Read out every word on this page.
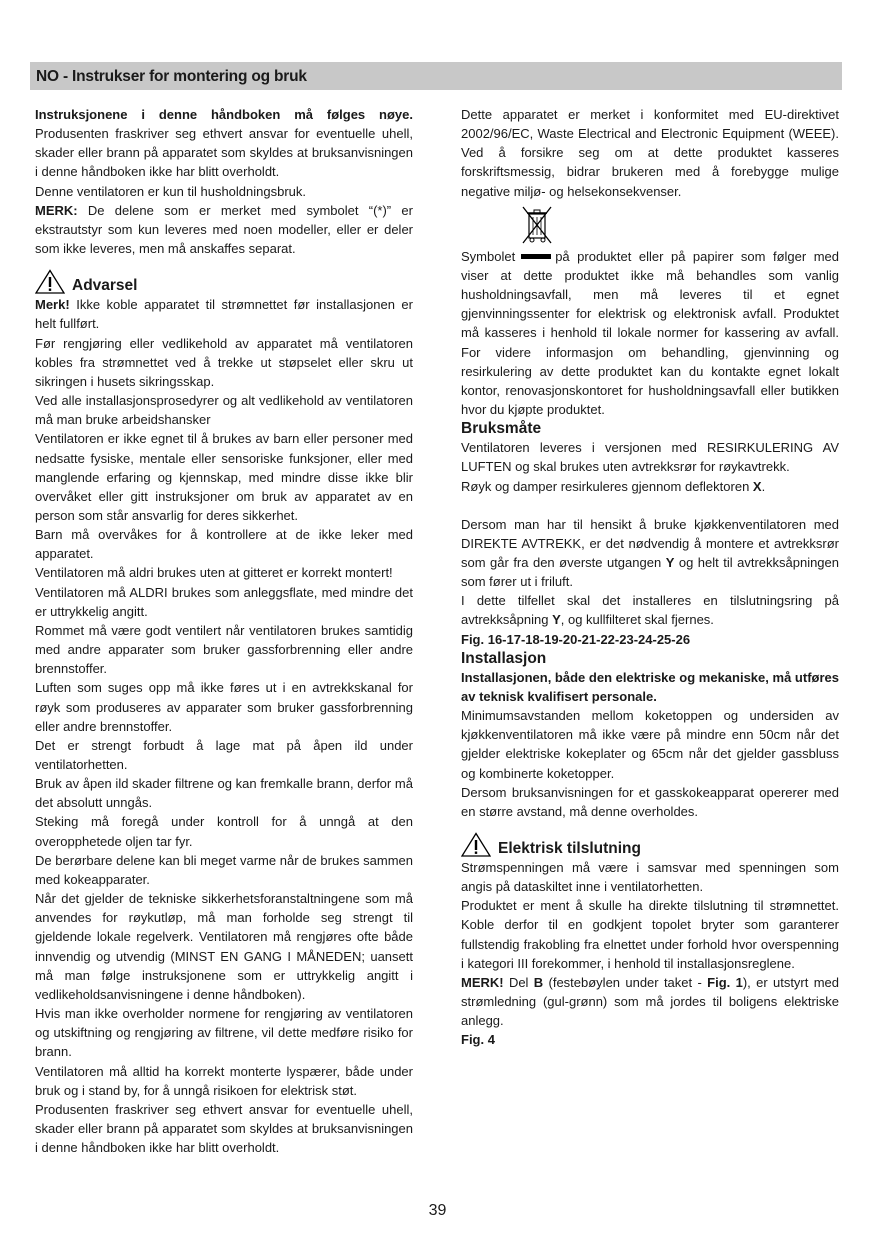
NO - Instrukser for montering og bruk

Instruksjonene i denne håndboken må følges nøye. Produsenten fraskriver seg ethvert ansvar for eventuelle uhell, skader eller brann på apparatet som skyldes at bruksanvisningen i denne håndboken ikke har blitt overholdt.

Denne ventilatoren er kun til husholdningsbruk.

MERK: De delene som er merket med symbolet “(*)” er ekstrautstyr som kun leveres med noen modeller, eller er deler som ikke leveres, men må anskaffes separat.

Advarsel

Merk! Ikke koble apparatet til strømnettet før installasjonen er helt fullført.

Før rengjøring eller vedlikehold av apparatet må ventilatoren kobles fra strømnettet ved å trekke ut støpselet eller skru ut sikringen i husets sikringsskap.

Ved alle installasjonsprosedyrer og alt vedlikehold av ventilatoren må man bruke arbeidshansker

Ventilatoren er ikke egnet til å brukes av barn eller personer med nedsatte fysiske, mentale eller sensoriske funksjoner, eller med manglende erfaring og kjennskap, med mindre disse ikke blir overvåket eller gitt instruksjoner om bruk av apparatet av en person som står ansvarlig for deres sikkerhet.

Barn må overvåkes for å kontrollere at de ikke leker med apparatet.

Ventilatoren må aldri brukes uten at gitteret er korrekt montert!

Ventilatoren må ALDRI brukes som anleggsflate, med mindre det er uttrykkelig angitt.

Rommet må være godt ventilert når ventilatoren brukes samtidig med andre apparater som bruker gassforbrenning eller andre brennstoffer.

Luften som suges opp må ikke føres ut i en avtrekkskanal for røyk som produseres av apparater som bruker gassforbrenning eller andre brennstoffer.

Det er strengt forbudt å lage mat på åpen ild under ventilatorhetten.

Bruk av åpen ild skader filtrene og kan fremkalle brann, derfor må det absolutt unngås.

Steking må foregå under kontroll for å unngå at den overopphetede oljen tar fyr.

De berørbare delene kan bli meget varme når de brukes sammen med kokeapparater.

Når det gjelder de tekniske sikkerhetsforanstaltningene som må anvendes for røykutløp, må man forholde seg strengt til gjeldende lokale regelverk. Ventilatoren må rengjøres ofte både innvendig og utvendig (MINST EN GANG I MÅNEDEN; uansett må man følge instruksjonene som er uttrykkelig angitt i vedlikeholdsanvisningene i denne håndboken).

Hvis man ikke overholder normene for rengjøring av ventilatoren og utskiftning og rengjøring av filtrene, vil dette medføre risiko for brann.

Ventilatoren må alltid ha korrekt monterte lyspærer, både under bruk og i stand by, for å unngå risikoen for elektrisk støt.

Produsenten fraskriver seg ethvert ansvar for eventuelle uhell, skader eller brann på apparatet som skyldes at bruksanvisningen i denne håndboken ikke har blitt overholdt.

Dette apparatet er merket i konformitet med EU-direktivet 2002/96/EC, Waste Electrical and Electronic Equipment (WEEE). Ved å forsikre seg om at dette produktet kasseres forskriftsmessig, bidrar brukeren med å forebygge mulige negative miljø- og helsekonsekvenser.

Symbolet	på produktet eller på papirer som følger med viser at dette produktet ikke må behandles som vanlig husholdningsavfall, men må leveres til et egnet gjenvinningssenter for elektrisk og elektronisk avfall. Produktet må kasseres i henhold til lokale normer for kassering av avfall. For videre informasjon om behandling, gjenvinning og resirkulering av dette produktet kan du kontakte egnet lokalt kontor, renovasjonskontoret for husholdningsavfall eller butikken hvor du kjøpte produktet.

Bruksmåte

Ventilatoren leveres i versjonen med RESIRKULERING AV LUFTEN og skal brukes uten avtrekksrør for røykavtrekk.

Røyk og damper resirkuleres gjennom deflektoren X.

Dersom man har til hensikt å bruke kjøkkenventilatoren med DIREKTE AVTREKK, er det nødvendig å montere et avtrekksrør som går fra den øverste utgangen Y og helt til avtrekksåpningen som fører ut i friluft.

I dette tilfellet skal det installeres en tilslutningsring på avtrekksåpning Y, og kullfilteret skal fjernes.

Fig. 16-17-18-19-20-21-22-23-24-25-26

Installasjon

Installasjonen, både den elektriske og mekaniske, må utføres av teknisk kvalifisert personale.

Minimumsavstanden mellom koketoppen og undersiden av kjøkkenventilatoren må ikke være på mindre enn 50cm når det gjelder elektriske kokeplater og 65cm når det gjelder gassbluss og kombinerte koketopper.

Dersom bruksanvisningen for et gasskokeapparat opererer med en større avstand, må denne overholdes.

Elektrisk tilslutning

Strømspenningen må være i samsvar med spenningen som angis på dataskiltet inne i ventilatorhetten.

Produktet er ment å skulle ha direkte tilslutning til strømnettet. Koble derfor til en godkjent topolet bryter som garanterer fullstendig frakobling fra elnettet under forhold hvor overspenning i kategori III forekommer, i henhold til installasjonsreglene.

MERK! Del B (festebøylen under taket - Fig. 1), er utstyrt med strømledning (gul-grønn) som må jordes til boligens elektriske anlegg.

Fig. 4

39
